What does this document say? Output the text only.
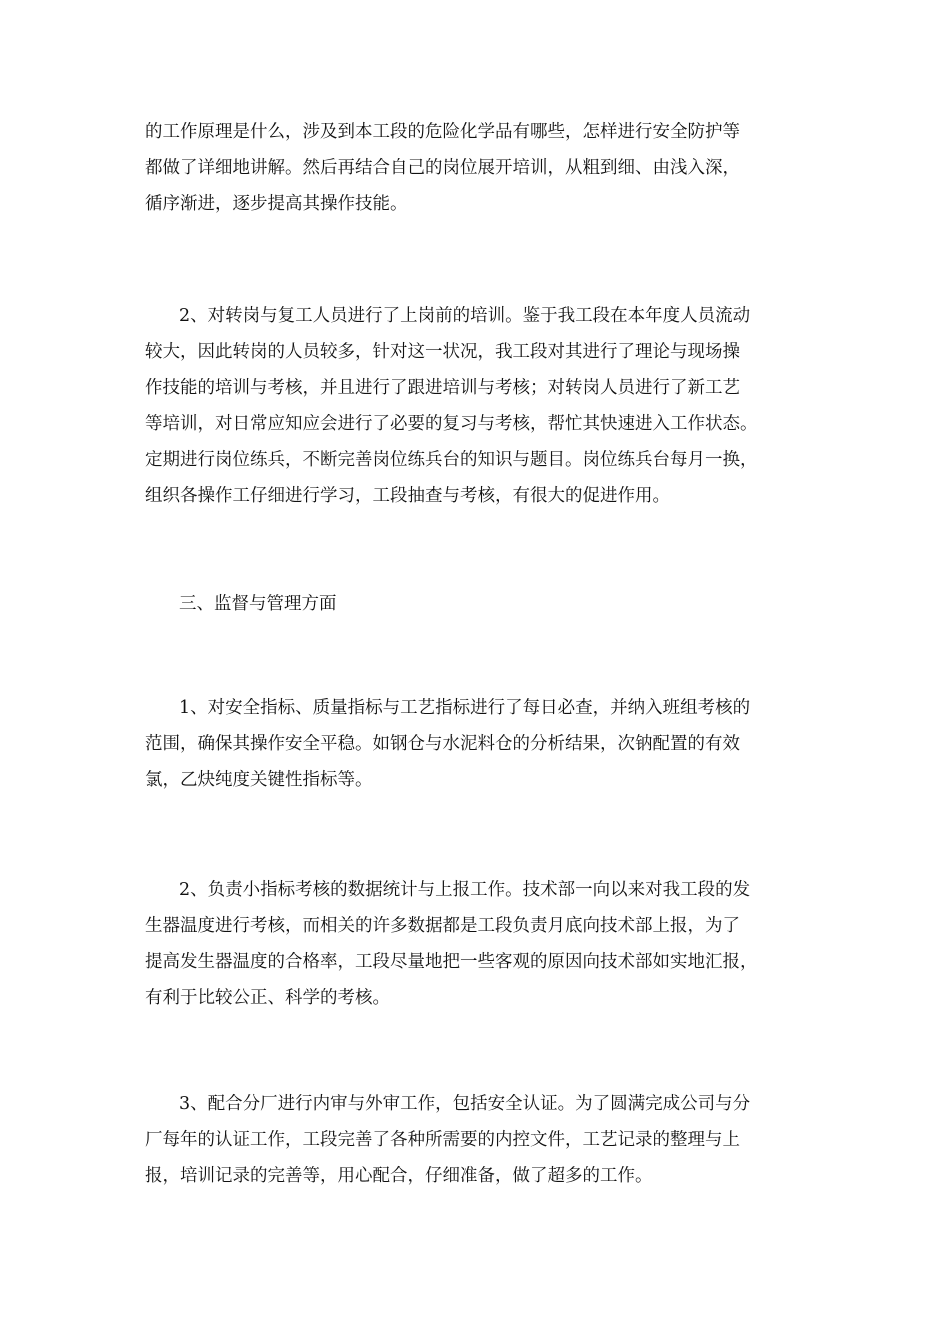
的工作原理是什么，涉及到本工段的危险化学品有哪些，怎样进行安全防护等
都做了详细地讲解。然后再结合自己的岗位展开培训，从粗到细、由浅入深，
循序渐进，逐步提高其操作技能。

2、对转岗与复工人员进行了上岗前的培训。鉴于我工段在本年度人员流动
较大，因此转岗的人员较多，针对这一状况，我工段对其进行了理论与现场操
作技能的培训与考核，并且进行了跟进培训与考核；对转岗人员进行了新工艺
等培训，对日常应知应会进行了必要的复习与考核，帮忙其快速进入工作状态。
定期进行岗位练兵，不断完善岗位练兵台的知识与题目。岗位练兵台每月一换，
组织各操作工仔细进行学习，工段抽查与考核，有很大的促进作用。

三、监督与管理方面

1、对安全指标、质量指标与工艺指标进行了每日必查，并纳入班组考核的
范围，确保其操作安全平稳。如钢仓与水泥料仓的分析结果，次钠配置的有效
氯，乙炔纯度关键性指标等。

2、负责小指标考核的数据统计与上报工作。技术部一向以来对我工段的发
生器温度进行考核，而相关的许多数据都是工段负责月底向技术部上报，为了
提高发生器温度的合格率，工段尽量地把一些客观的原因向技术部如实地汇报，
有利于比较公正、科学的考核。

3、配合分厂进行内审与外审工作，包括安全认证。为了圆满完成公司与分
厂每年的认证工作，工段完善了各种所需要的内控文件，工艺记录的整理与上
报，培训记录的完善等，用心配合，仔细准备，做了超多的工作。
